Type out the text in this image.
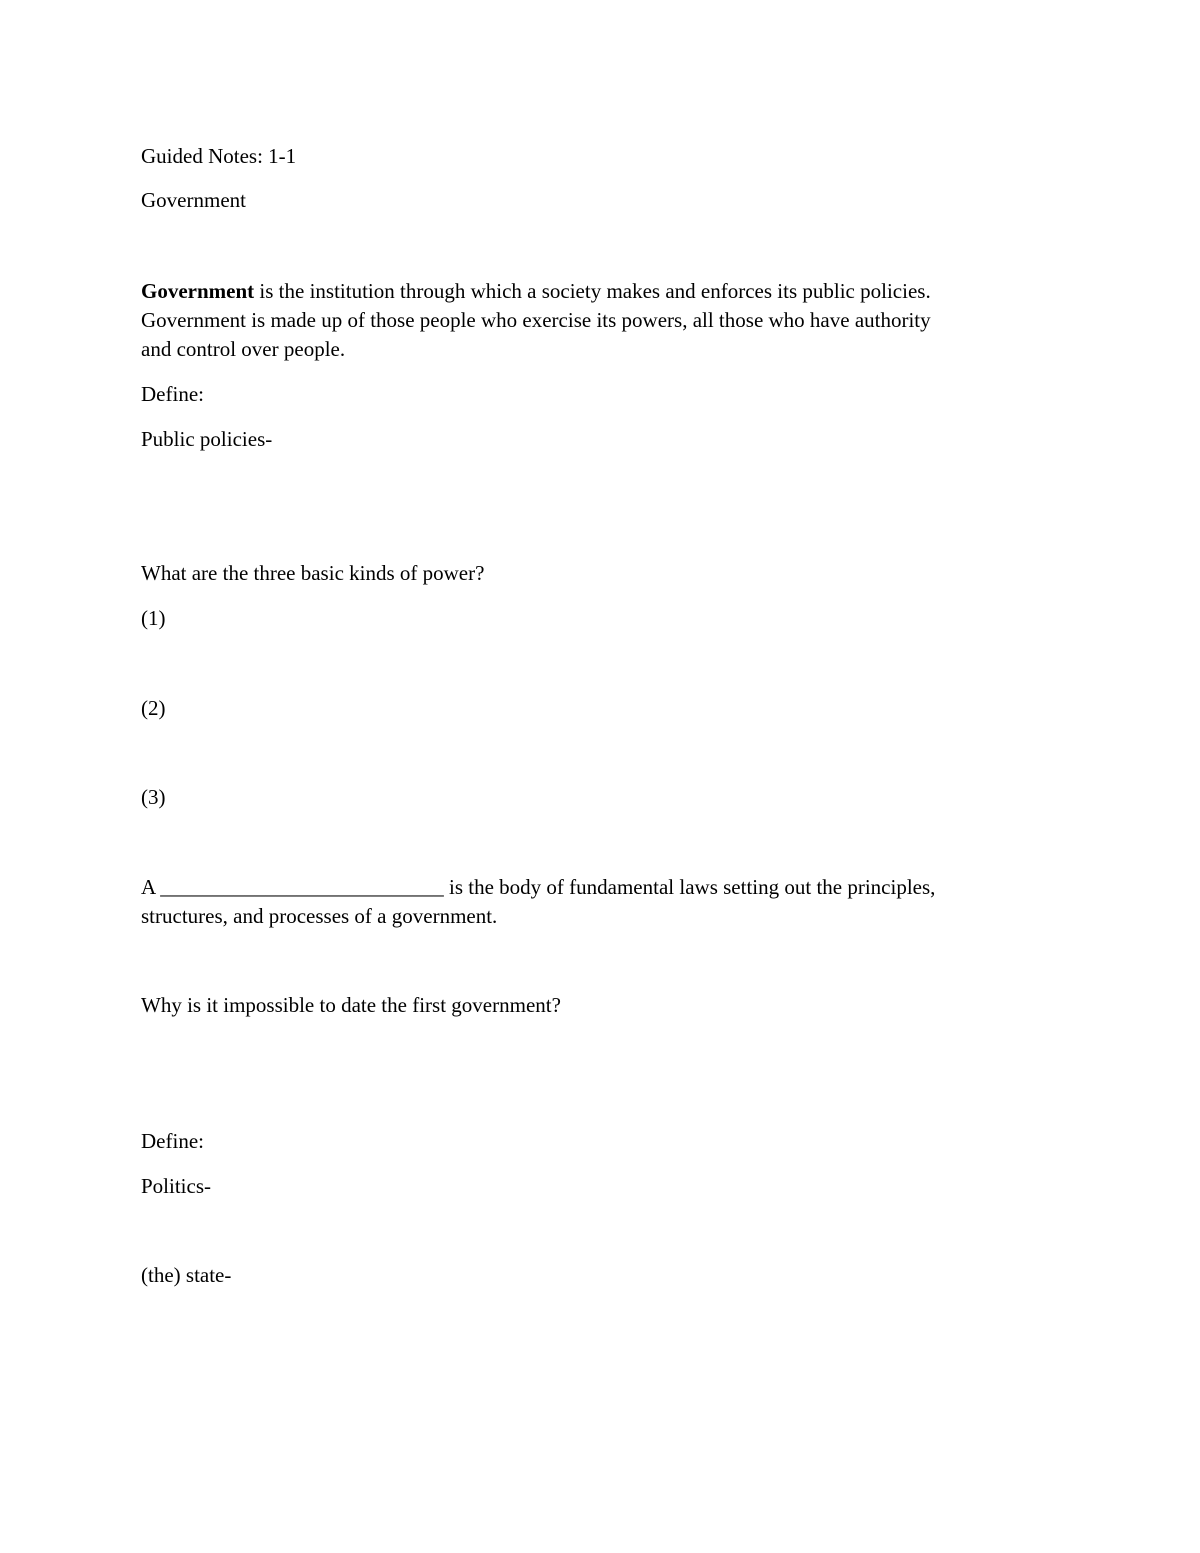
Guided Notes: 1-1

Government

Government is the institution through which a society makes and enforces its public policies.
Government is made up of those people who exercise its powers, all those who have authority
and control over people.

Define:

Public policies-

What are the three basic kinds of power?

(1)

(2)

(3)

A ___________________________ is the body of fundamental laws setting out the principles,
structures, and processes of a government.

Why is it impossible to date the first government?

Define:

Politics-

(the) state-
